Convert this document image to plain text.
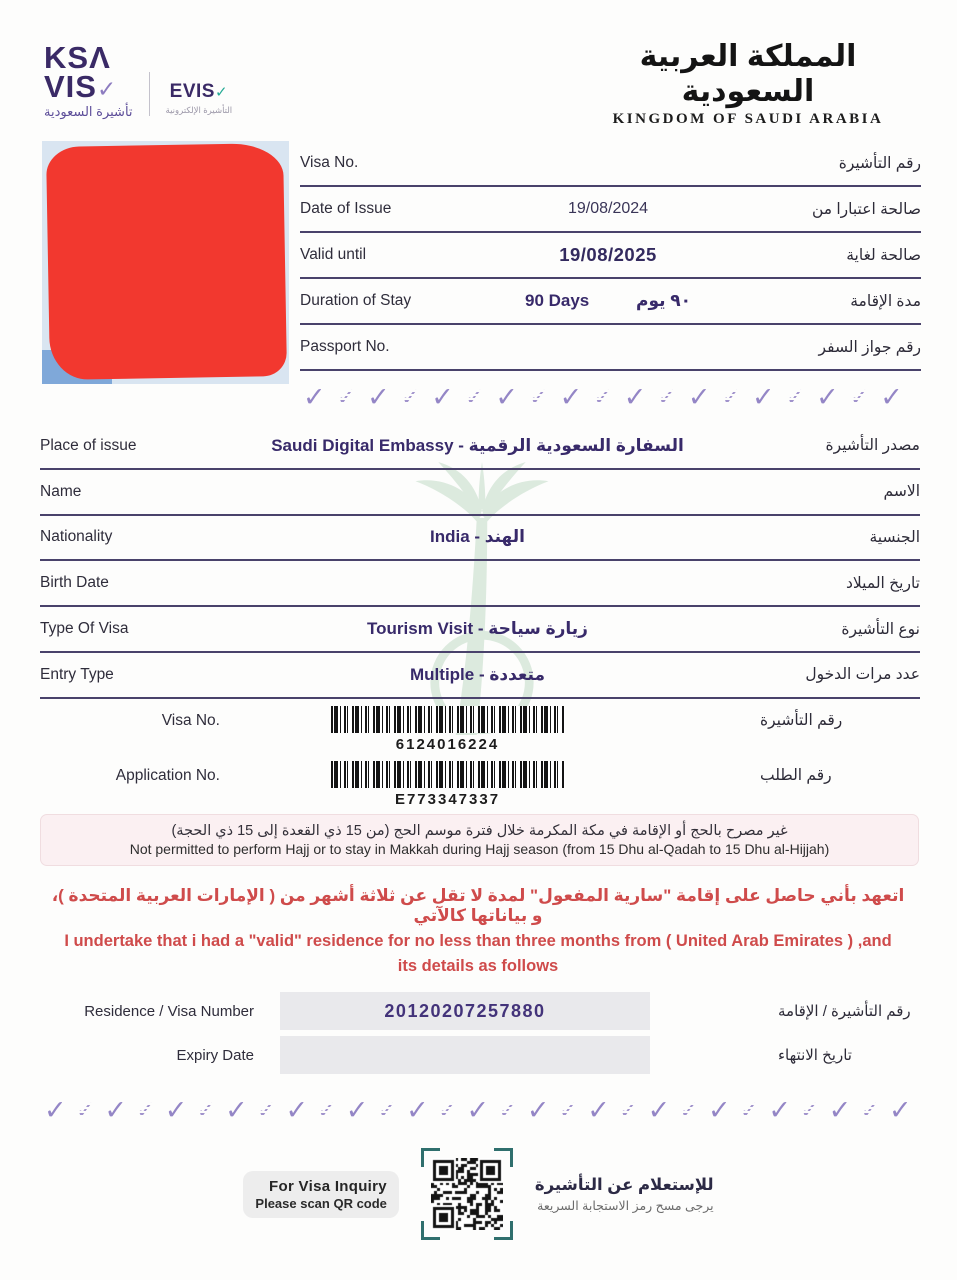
KSΛ
VIS✓
تأشيرة السعودية
EVIS✓
التأشيرة الإلكترونية
المملكة العربية السعودية
KINGDOM OF SAUDI ARABIA
Visa No.	رقم التأشيرة
Date of Issue	19/08/2024	صالحة اعتبارا من
Valid until	19/08/2025	صالحة لغاية
Duration of Stay	90 Days	٩٠ يوم	مدة الإقامة
Passport No.	رقم جواز السفر
✓ ✓ ✓ ✓ ✓ ✓ ✓ ✓ ✓ ✓ ✓ ✓ ✓ ✓ ✓ ✓ ✓ ✓ ✓
Place of issue	Saudi Digital Embassy - السفارة السعودية الرقمية	مصدر التأشيرة
Name	الاسم
Nationality	India - الهند	الجنسية
Birth Date	تاريخ الميلاد
Type Of Visa	Tourism Visit - زيارة سياحة	نوع التأشيرة
Entry Type	Multiple - متعددة	عدد مرات الدخول
Visa No.
6124016224
رقم التأشيرة
Application No.
E773347337
رقم الطلب
غير مصرح بالحج أو الإقامة في مكة المكرمة خلال فترة موسم الحج (من 15 ذي القعدة إلى 15 ذي الحجة)
Not permitted to perform Hajj or to stay in Makkah during Hajj season (from 15 Dhu al-Qadah to 15 Dhu al-Hijjah)
اتعهد بأني حاصل على إقامة "سارية المفعول" لمدة لا تقل عن ثلاثة أشهر من ( الإمارات العربية المتحدة )، و بياناتها كالآتي
I undertake that i had a "valid" residence for no less than three months from ( United Arab Emirates ) ,and
its details as follows
Residence / Visa Number	20120207257880	رقم التأشيرة / الإقامة
Expiry Date	تاريخ الانتهاء
✓ ✓ ✓ ✓ ✓ ✓ ✓ ✓ ✓ ✓ ✓ ✓ ✓ ✓ ✓ ✓ ✓ ✓ ✓ ✓ ✓ ✓ ✓ ✓ ✓ ✓ ✓ ✓ ✓
For Visa Inquiry
Please scan QR code
للإستعلام عن التأشيرة
يرجى مسح رمز الاستجابة السريعة
